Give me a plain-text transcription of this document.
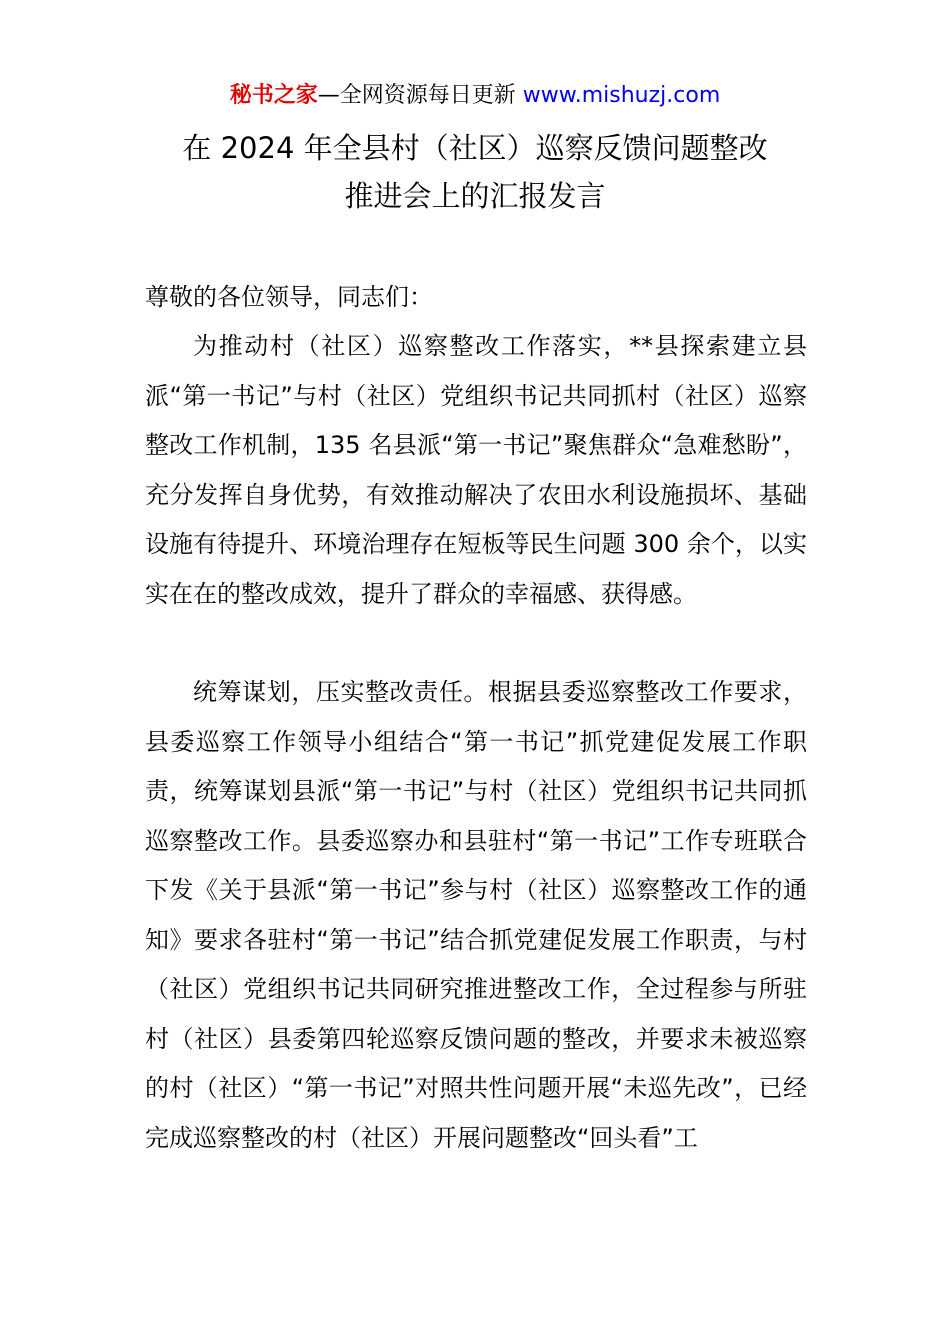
秘书之家—全网资源每日更新 www.mishuzj.com
在 2024 年全县村（社区）巡察反馈问题整改
推进会上的汇报发言
尊敬的各位领导，同志们：

为推动村（社区）巡察整改工作落实，**县探索建立县派“第一书记”与村（社区）党组织书记共同抓村（社区）巡察整改工作机制，135 名县派“第一书记”聚焦群众“急难愁盼”，充分发挥自身优势，有效推动解决了农田水利设施损坏、基础设施有待提升、环境治理存在短板等民生问题 300 余个，以实实在在的整改成效，提升了群众的幸福感、获得感。

统筹谋划，压实整改责任。根据县委巡察整改工作要求，县委巡察工作领导小组结合“第一书记”抓党建促发展工作职责，统筹谋划县派“第一书记”与村（社区）党组织书记共同抓巡察整改工作。县委巡察办和县驻村“第一书记”工作专班联合下发《关于县派“第一书记”参与村（社区）巡察整改工作的通知》要求各驻村“第一书记”结合抓党建促发展工作职责，与村（社区）党组织书记共同研究推进整改工作，全过程参与所驻村（社区）县委第四轮巡察反馈问题的整改，并要求未被巡察的村（社区）“第一书记”对照共性问题开展“未巡先改”，已经完成巡察整改的村（社区）开展问题整改“回头看”工
